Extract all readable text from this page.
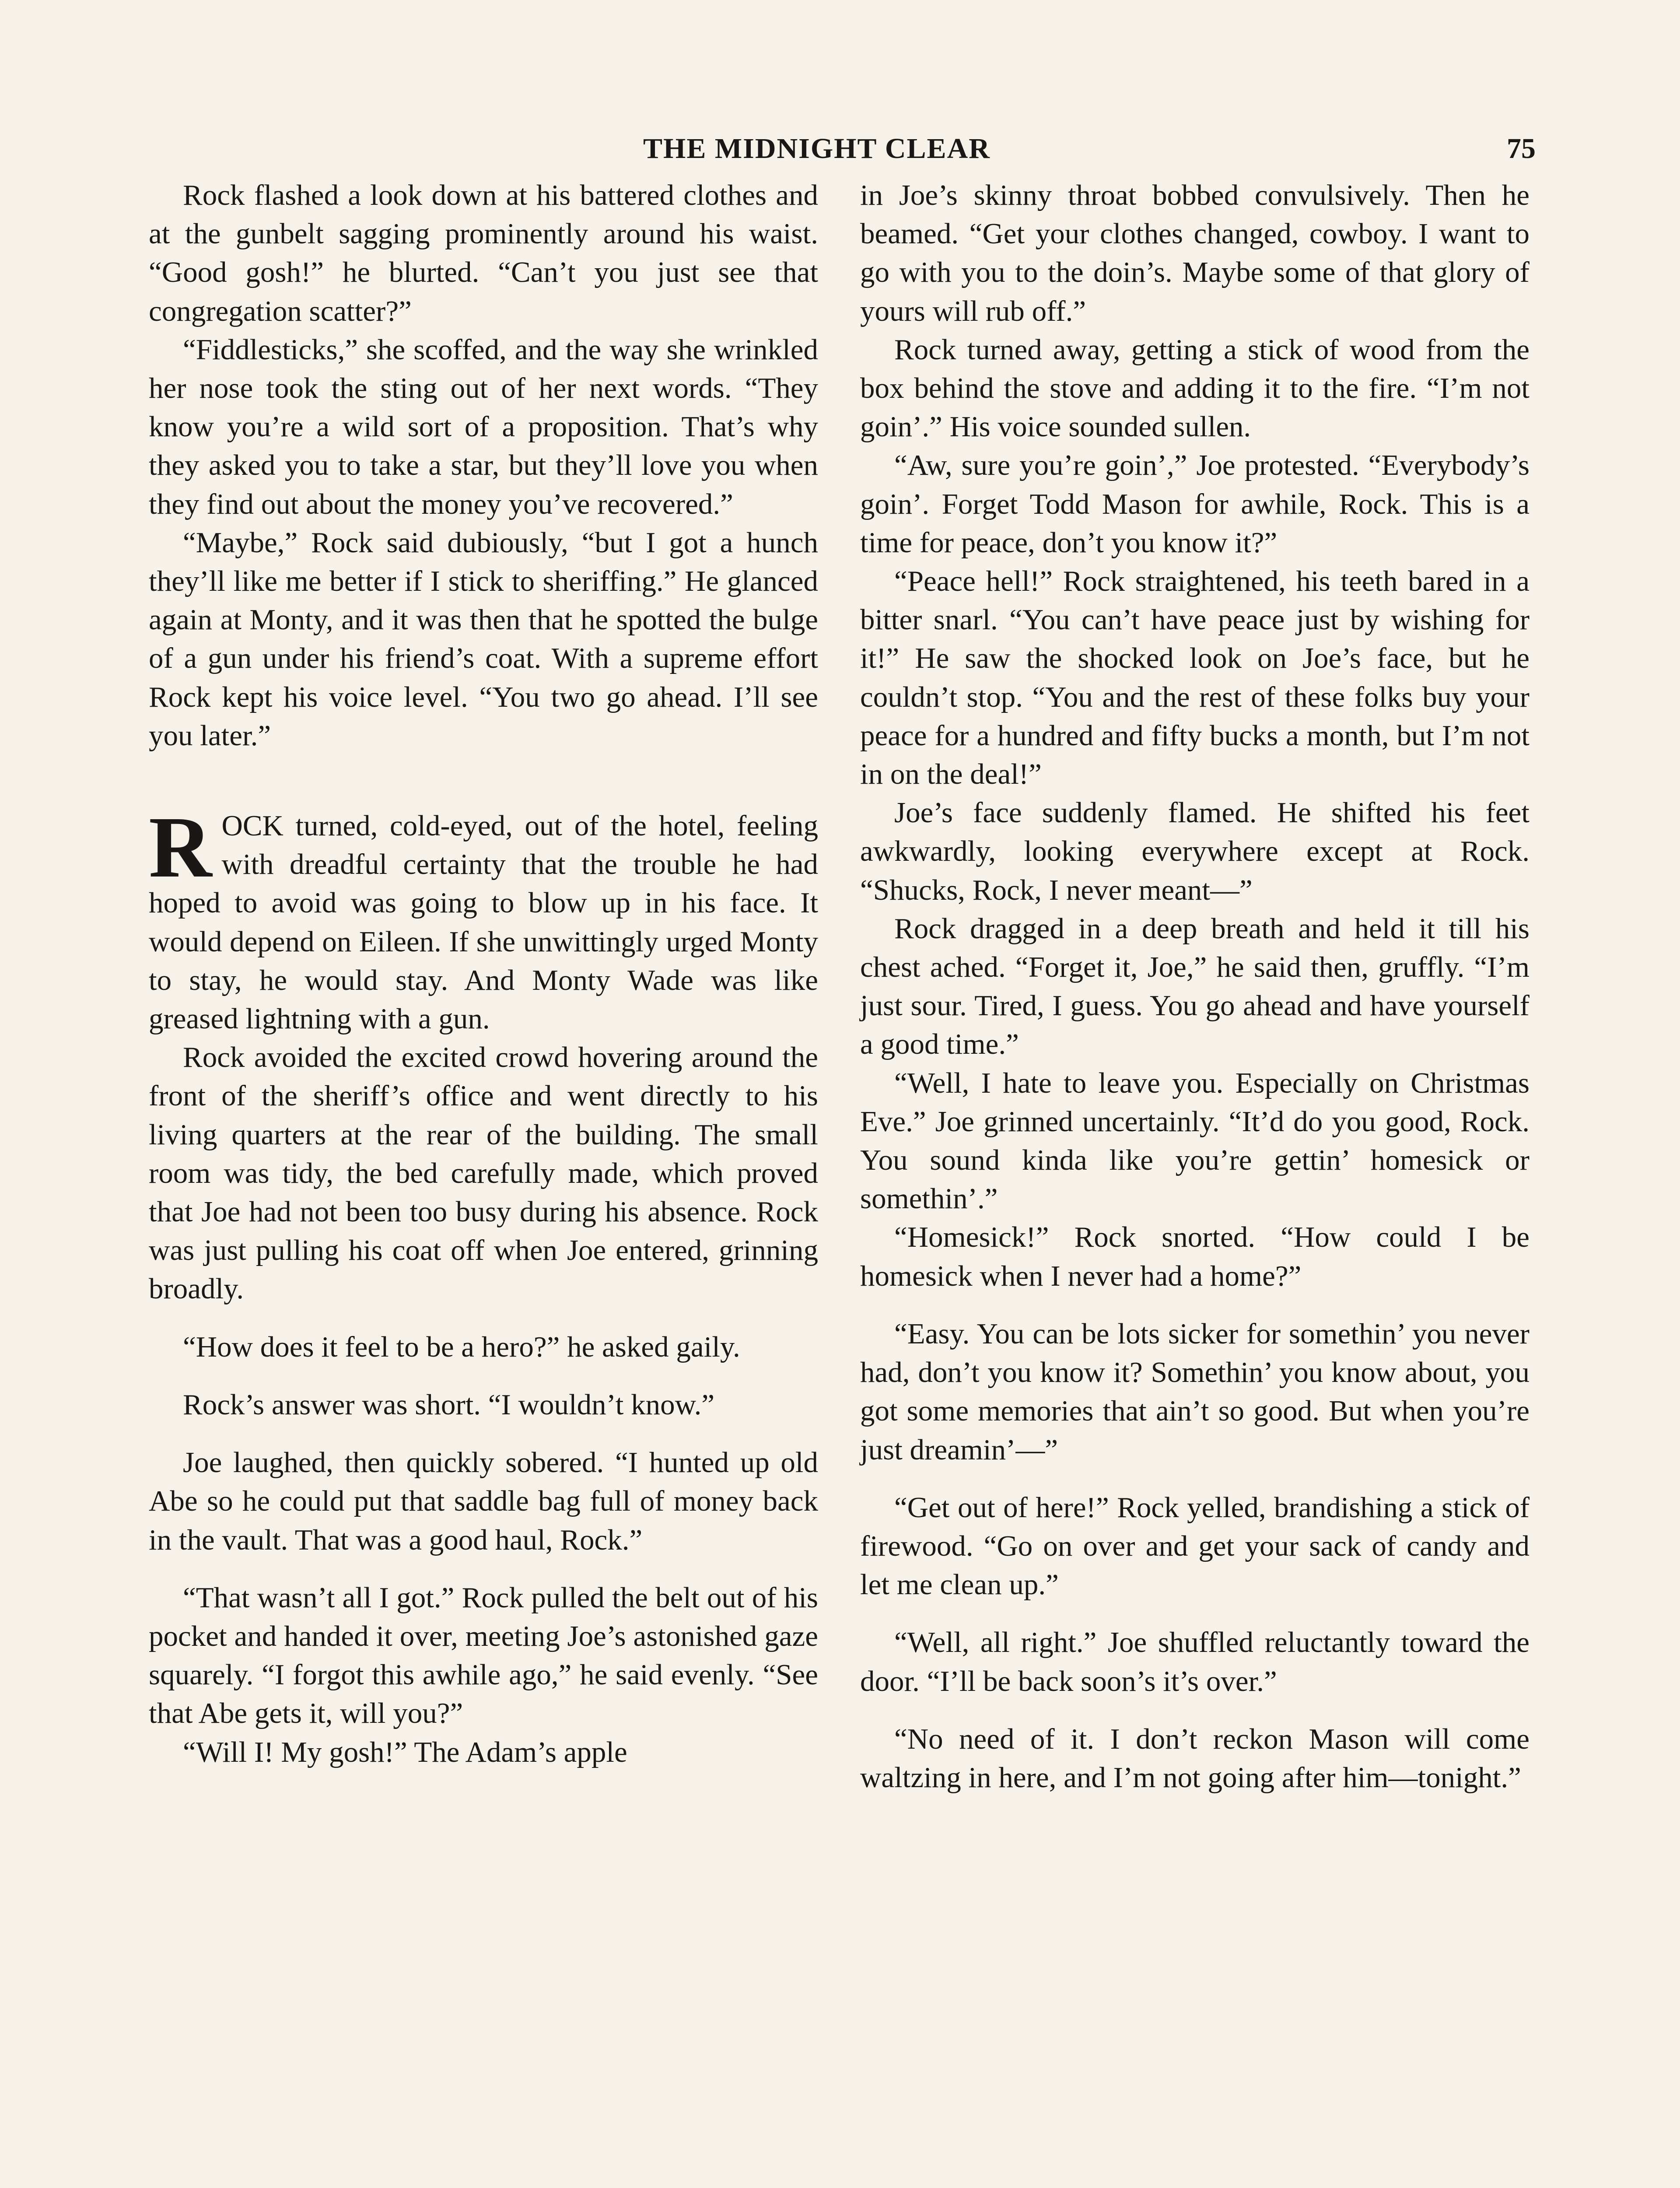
THE MIDNIGHT CLEAR	75

Rock flashed a look down at his battered clothes and at the gunbelt sagging prominently around his waist. “Good gosh!” he blurted. “Can’t you just see that congregation scatter?”

“Fiddlesticks,” she scoffed, and the way she wrinkled her nose took the sting out of her next words. “They know you’re a wild sort of a proposition. That’s why they asked you to take a star, but they’ll love you when they find out about the money you’ve recovered.”

“Maybe,” Rock said dubiously, “but I got a hunch they’ll like me better if I stick to sheriffing.” He glanced again at Monty, and it was then that he spotted the bulge of a gun under his friend’s coat. With a supreme effort Rock kept his voice level. “You two go ahead. I’ll see you later.”

ROCK turned, cold-eyed, out of the hotel, feeling with dreadful certainty that the trouble he had hoped to avoid was going to blow up in his face. It would depend on Eileen. If she unwittingly urged Monty to stay, he would stay. And Monty Wade was like greased lightning with a gun.

Rock avoided the excited crowd hovering around the front of the sheriff’s office and went directly to his living quarters at the rear of the building. The small room was tidy, the bed carefully made, which proved that Joe had not been too busy during his absence. Rock was just pulling his coat off when Joe entered, grinning broadly.

“How does it feel to be a hero?” he asked gaily.

Rock’s answer was short. “I wouldn’t know.”

Joe laughed, then quickly sobered. “I hunted up old Abe so he could put that saddle bag full of money back in the vault. That was a good haul, Rock.”

“That wasn’t all I got.” Rock pulled the belt out of his pocket and handed it over, meeting Joe’s astonished gaze squarely. “I forgot this awhile ago,” he said evenly. “See that Abe gets it, will you?”

“Will I! My gosh!” The Adam’s apple

in Joe’s skinny throat bobbed convulsively. Then he beamed. “Get your clothes changed, cowboy. I want to go with you to the doin’s. Maybe some of that glory of yours will rub off.”

Rock turned away, getting a stick of wood from the box behind the stove and adding it to the fire. “I’m not goin’.” His voice sounded sullen.

“Aw, sure you’re goin’,” Joe protested. “Everybody’s goin’. Forget Todd Mason for awhile, Rock. This is a time for peace, don’t you know it?”

“Peace hell!” Rock straightened, his teeth bared in a bitter snarl. “You can’t have peace just by wishing for it!” He saw the shocked look on Joe’s face, but he couldn’t stop. “You and the rest of these folks buy your peace for a hundred and fifty bucks a month, but I’m not in on the deal!”

Joe’s face suddenly flamed. He shifted his feet awkwardly, looking everywhere except at Rock. “Shucks, Rock, I never meant—”

Rock dragged in a deep breath and held it till his chest ached. “Forget it, Joe,” he said then, gruffly. “I’m just sour. Tired, I guess. You go ahead and have yourself a good time.”

“Well, I hate to leave you. Especially on Christmas Eve.” Joe grinned uncertainly. “It’d do you good, Rock. You sound kinda like you’re gettin’ homesick or somethin’.”

“Homesick!” Rock snorted. “How could I be homesick when I never had a home?”

“Easy. You can be lots sicker for somethin’ you never had, don’t you know it? Somethin’ you know about, you got some memories that ain’t so good. But when you’re just dreamin’—”

“Get out of here!” Rock yelled, brandishing a stick of firewood. “Go on over and get your sack of candy and let me clean up.”

“Well, all right.” Joe shuffled reluctantly toward the door. “I’ll be back soon’s it’s over.”

“No need of it. I don’t reckon Mason will come waltzing in here, and I’m not going after him—tonight.”
